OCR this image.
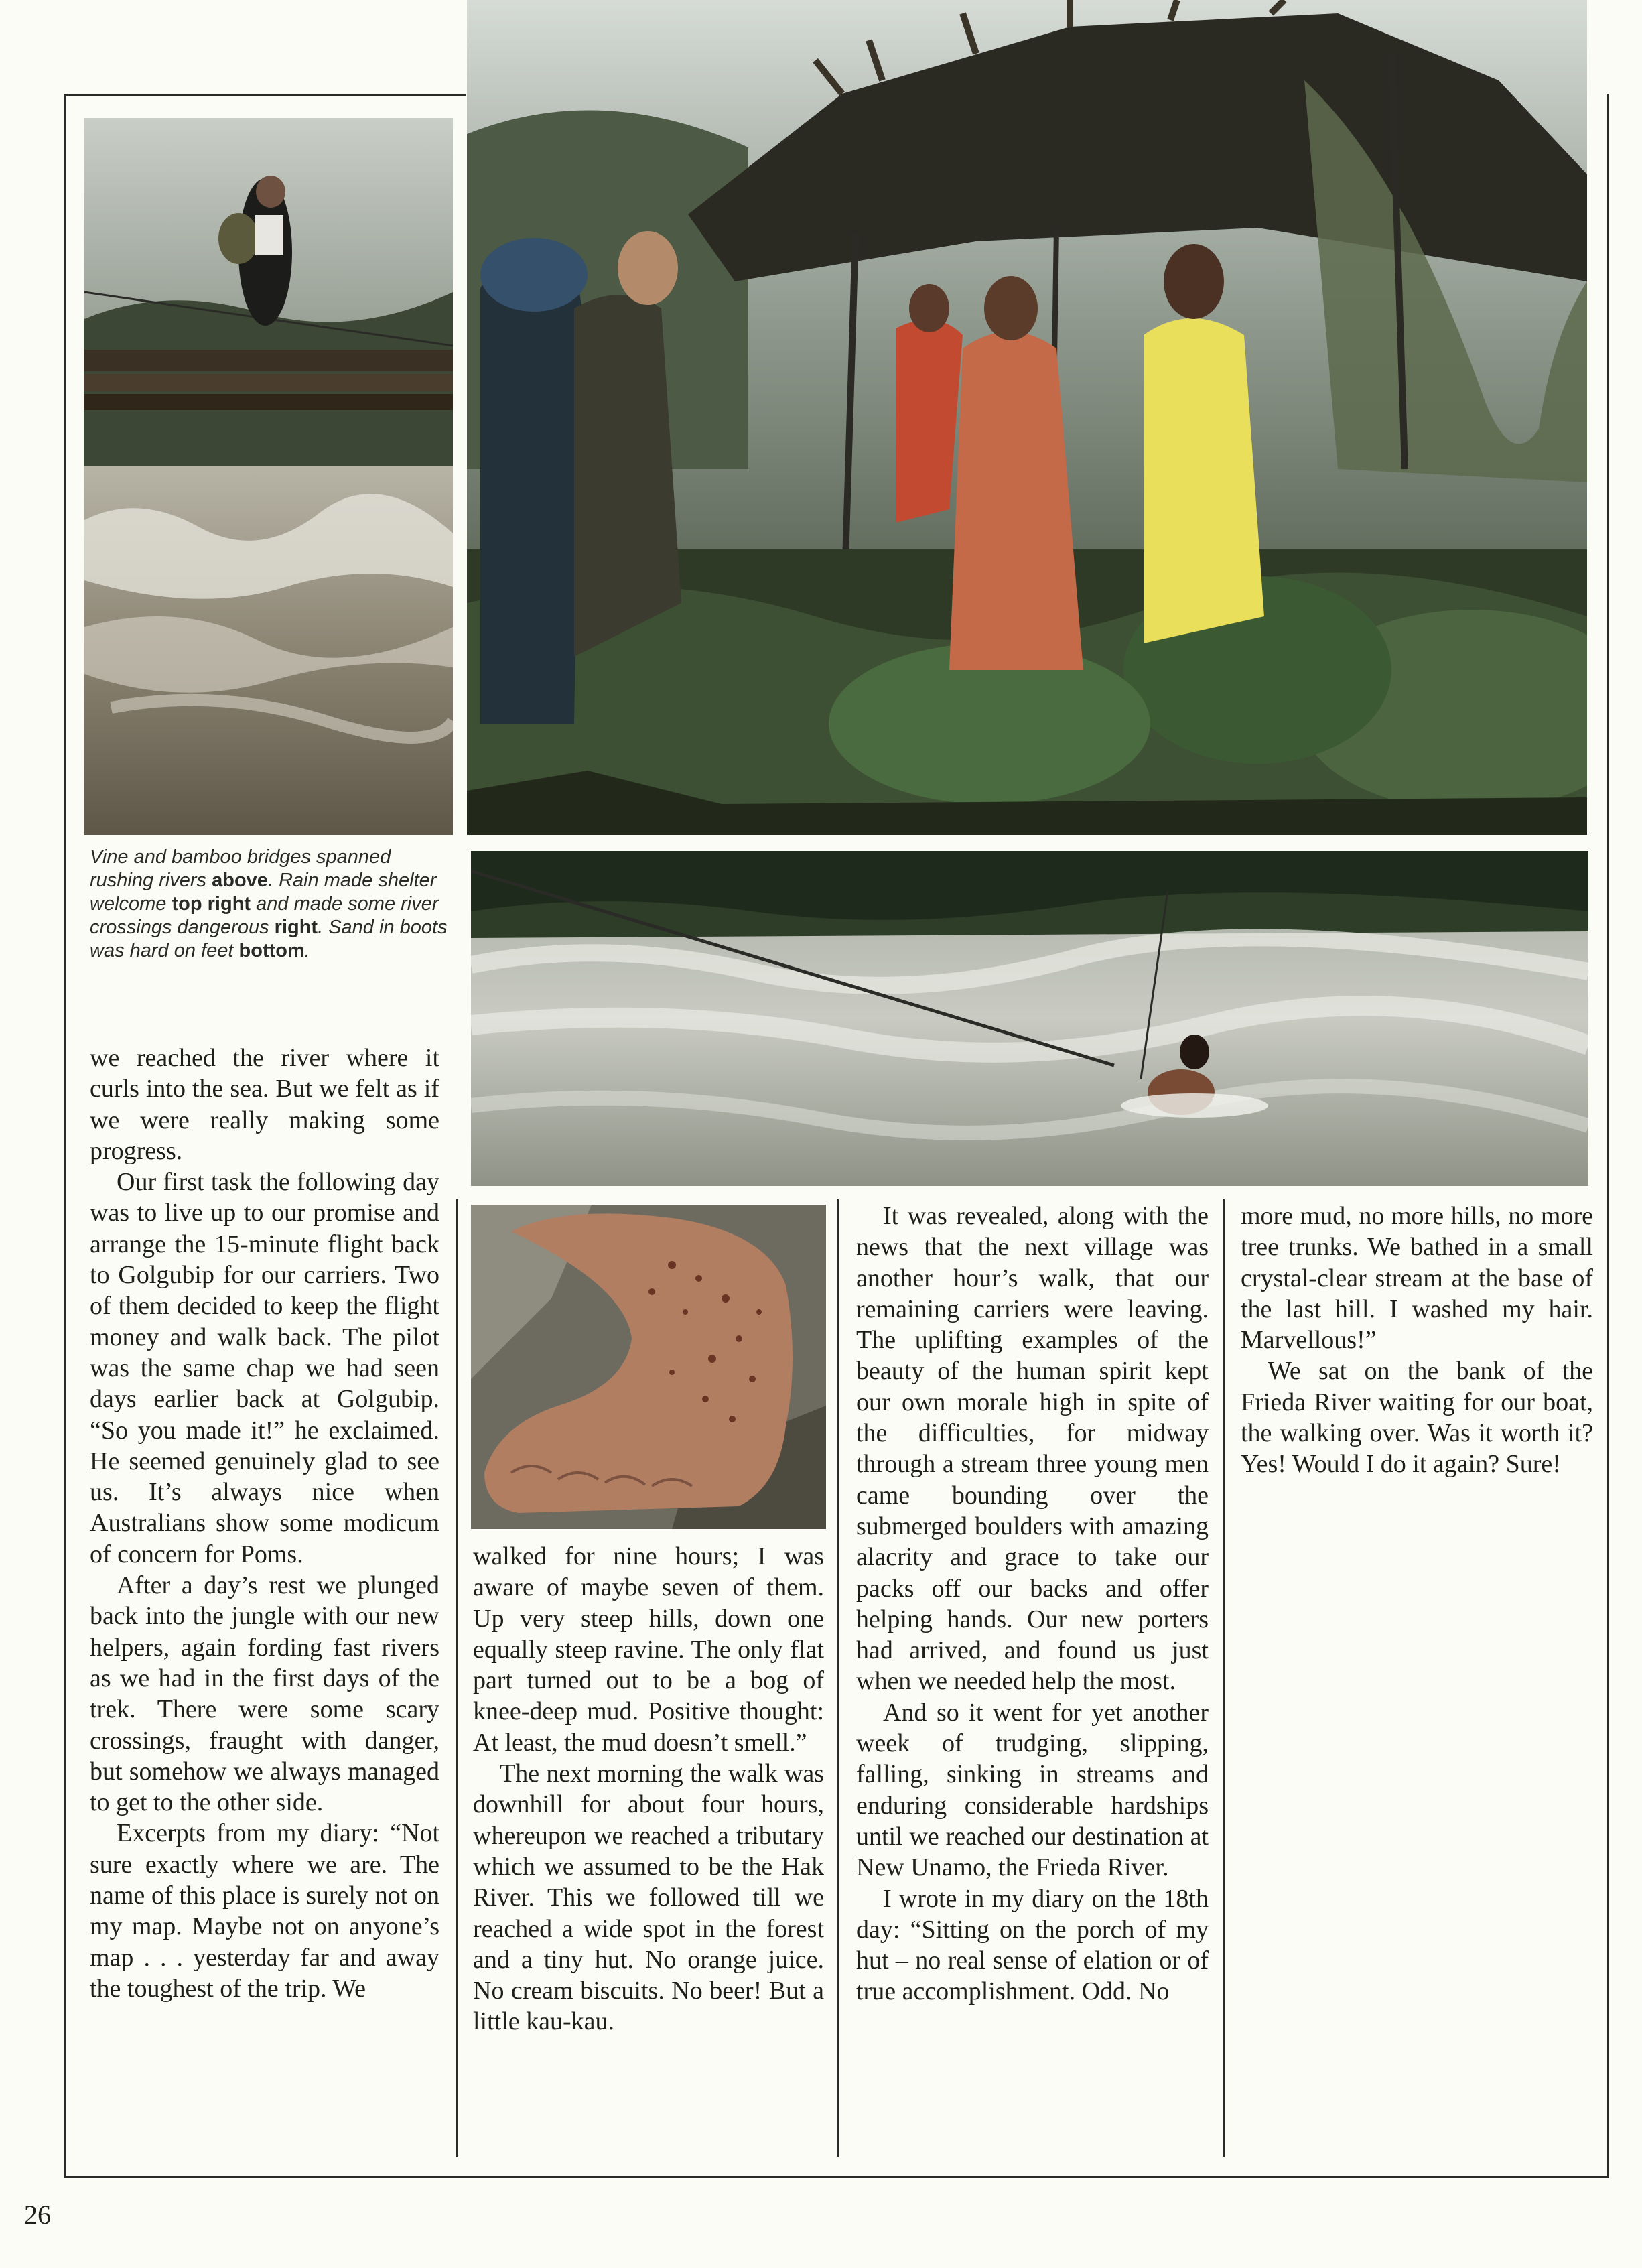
Vine and bamboo bridges spanned rushing rivers above. Rain made shelter welcome top right and made some river crossings dangerous right. Sand in boots was hard on feet bottom.

we reached the river where it curls into the sea. But we felt as if we were really making some progress.

Our first task the following day was to live up to our promise and arrange the 15-minute flight back to Golgubip for our carriers. Two of them decided to keep the flight money and walk back. The pilot was the same chap we had seen days earlier back at Golgubip. “So you made it!” he exclaimed. He seemed genuinely glad to see us. It’s always nice when Australians show some modicum of concern for Poms.

After a day’s rest we plunged back into the jungle with our new helpers, again fording fast rivers as we had in the first days of the trek. There were some scary crossings, fraught with danger, but somehow we always managed to get to the other side.

Excerpts from my diary: “Not sure exactly where we are. The name of this place is surely not on my map. Maybe not on anyone’s map . . . yesterday far and away the toughest of the trip. We

walked for nine hours; I was aware of maybe seven of them. Up very steep hills, down one equally steep ravine. The only flat part turned out to be a bog of knee-deep mud. Positive thought: At least, the mud doesn’t smell.”

The next morning the walk was downhill for about four hours, whereupon we reached a tributary which we assumed to be the Hak River. This we followed till we reached a wide spot in the forest and a tiny hut. No orange juice. No cream biscuits. No beer! But a little kau-kau.

It was revealed, along with the news that the next village was another hour’s walk, that our remaining carriers were leaving. The uplifting examples of the beauty of the human spirit kept our own morale high in spite of the difficulties, for midway through a stream three young men came bounding over the submerged boulders with amazing alacrity and grace to take our packs off our backs and offer helping hands. Our new porters had arrived, and found us just when we needed help the most.

And so it went for yet another week of trudging, slipping, falling, sinking in streams and enduring considerable hardships until we reached our destination at New Unamo, the Frieda River.

I wrote in my diary on the 18th day: “Sitting on the porch of my hut – no real sense of elation or of true accomplishment. Odd. No

more mud, no more hills, no more tree trunks. We bathed in a small crystal-clear stream at the base of the last hill. I washed my hair. Marvellous!”

We sat on the bank of the Frieda River waiting for our boat, the walking over. Was it worth it? Yes! Would I do it again? Sure!

26
